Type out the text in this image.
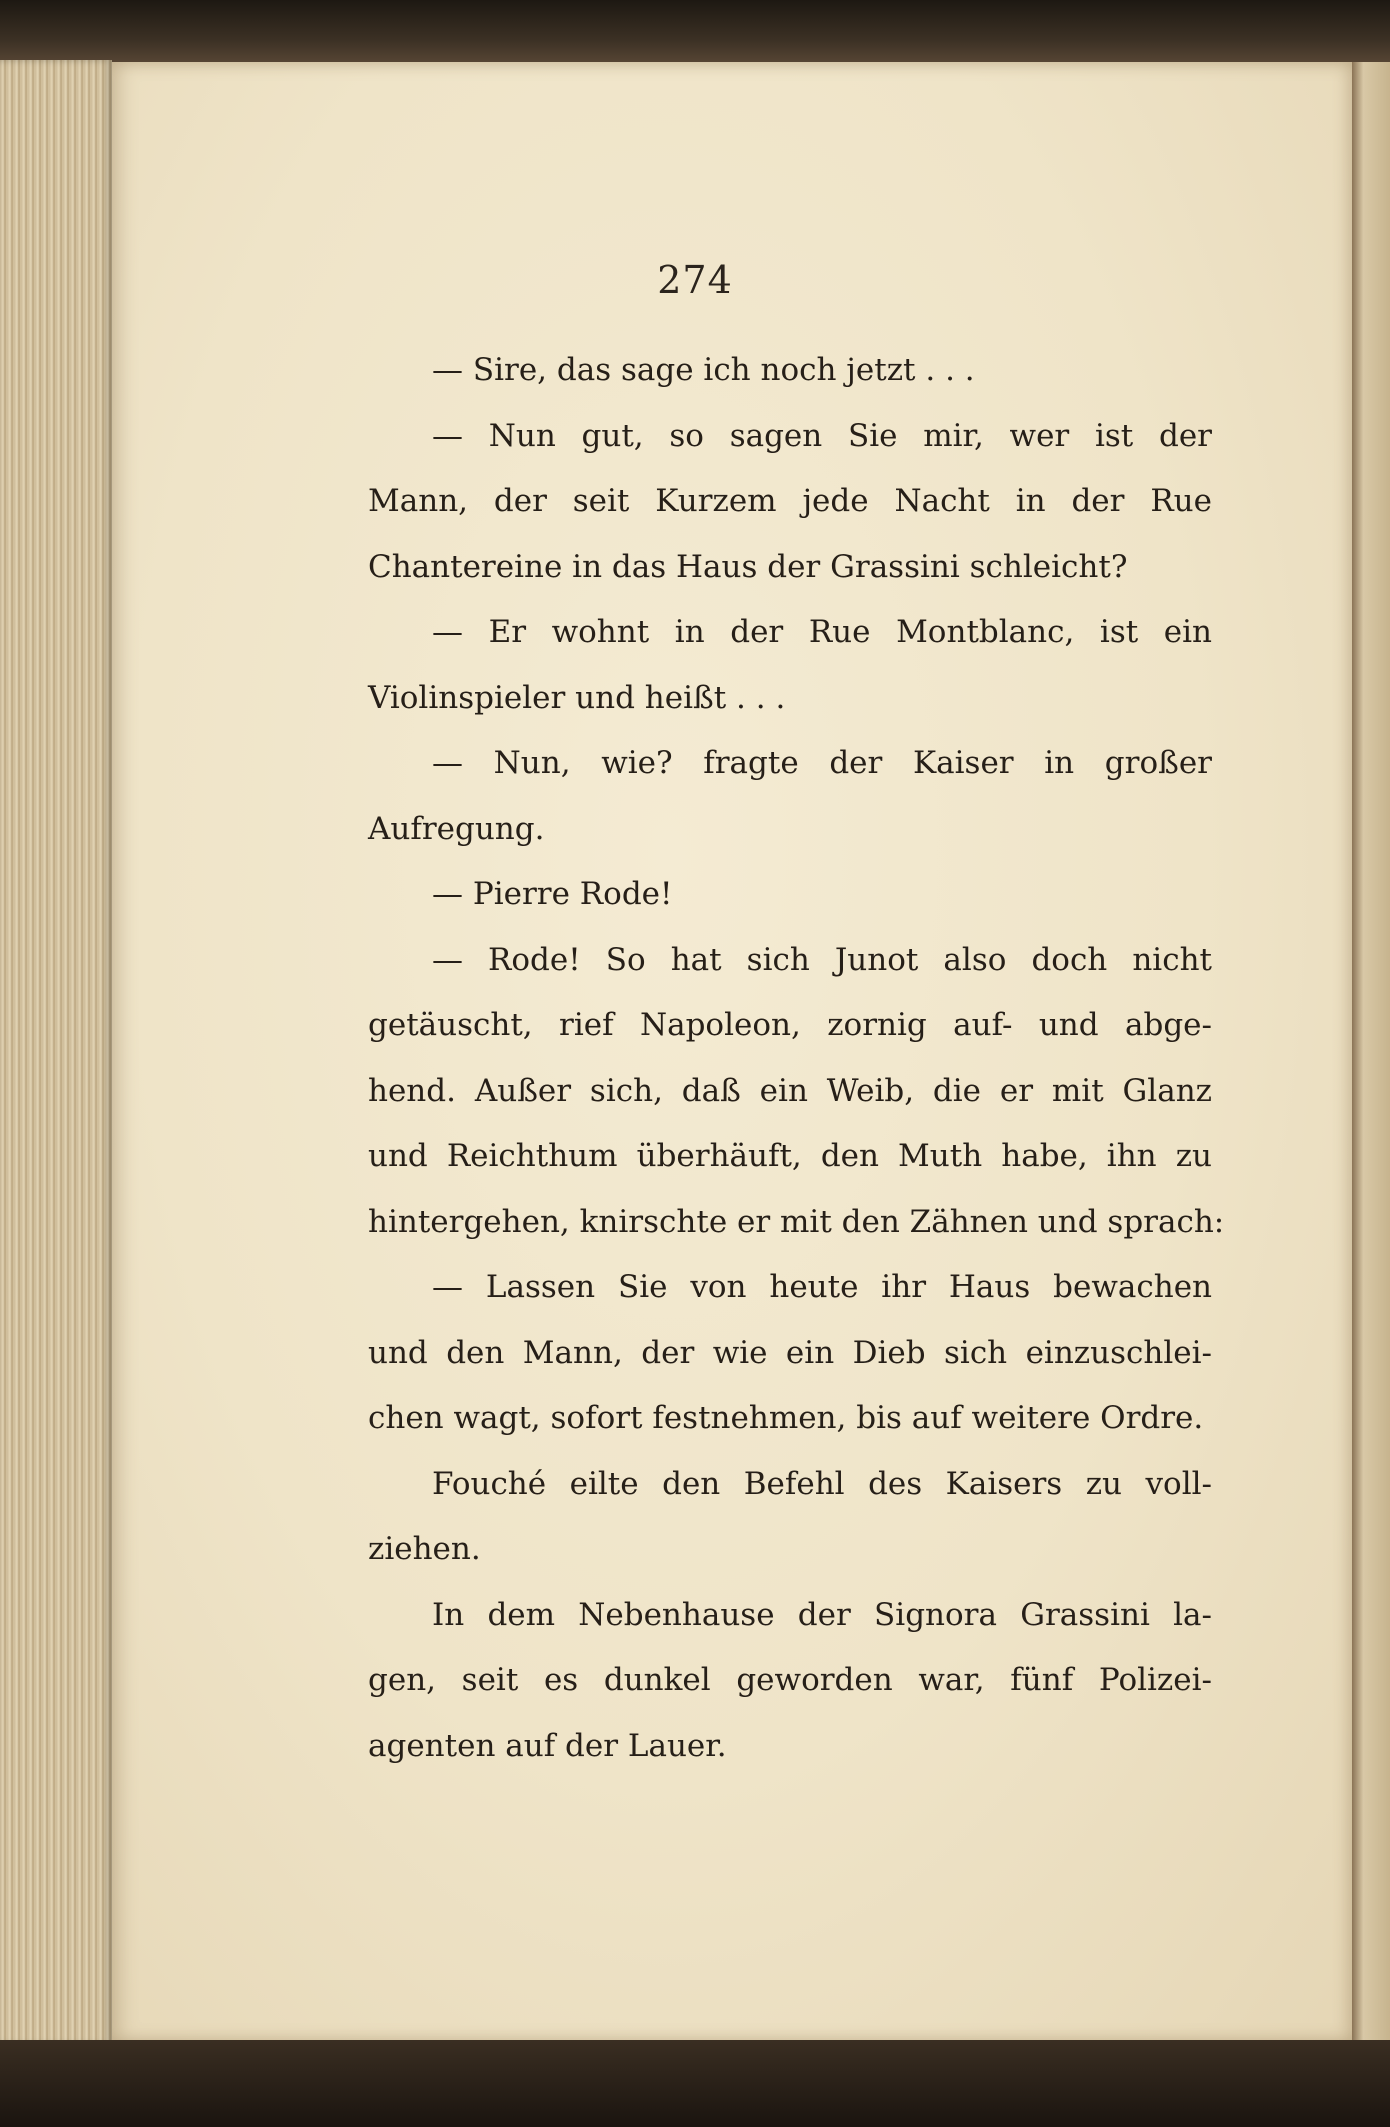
274
— Sire, das sage ich noch jetzt . . .
— Nun gut, so sagen Sie mir, wer ist der
Mann, der seit Kurzem jede Nacht in der Rue
Chantereine in das Haus der Grassini schleicht?
— Er wohnt in der Rue Montblanc, ist ein
Violinspieler und heißt . . .
— Nun, wie? fragte der Kaiser in großer
Aufregung.
— Pierre Rode!
— Rode! So hat sich Junot also doch nicht
getäuscht, rief Napoleon, zornig auf- und abge-
hend. Außer sich, daß ein Weib, die er mit Glanz
und Reichthum überhäuft, den Muth habe, ihn zu
hintergehen, knirschte er mit den Zähnen und sprach:
— Lassen Sie von heute ihr Haus bewachen
und den Mann, der wie ein Dieb sich einzuschlei-
chen wagt, sofort festnehmen, bis auf weitere Ordre.
Fouché eilte den Befehl des Kaisers zu voll-
ziehen.
In dem Nebenhause der Signora Grassini la-
gen, seit es dunkel geworden war, fünf Polizei-
agenten auf der Lauer.
